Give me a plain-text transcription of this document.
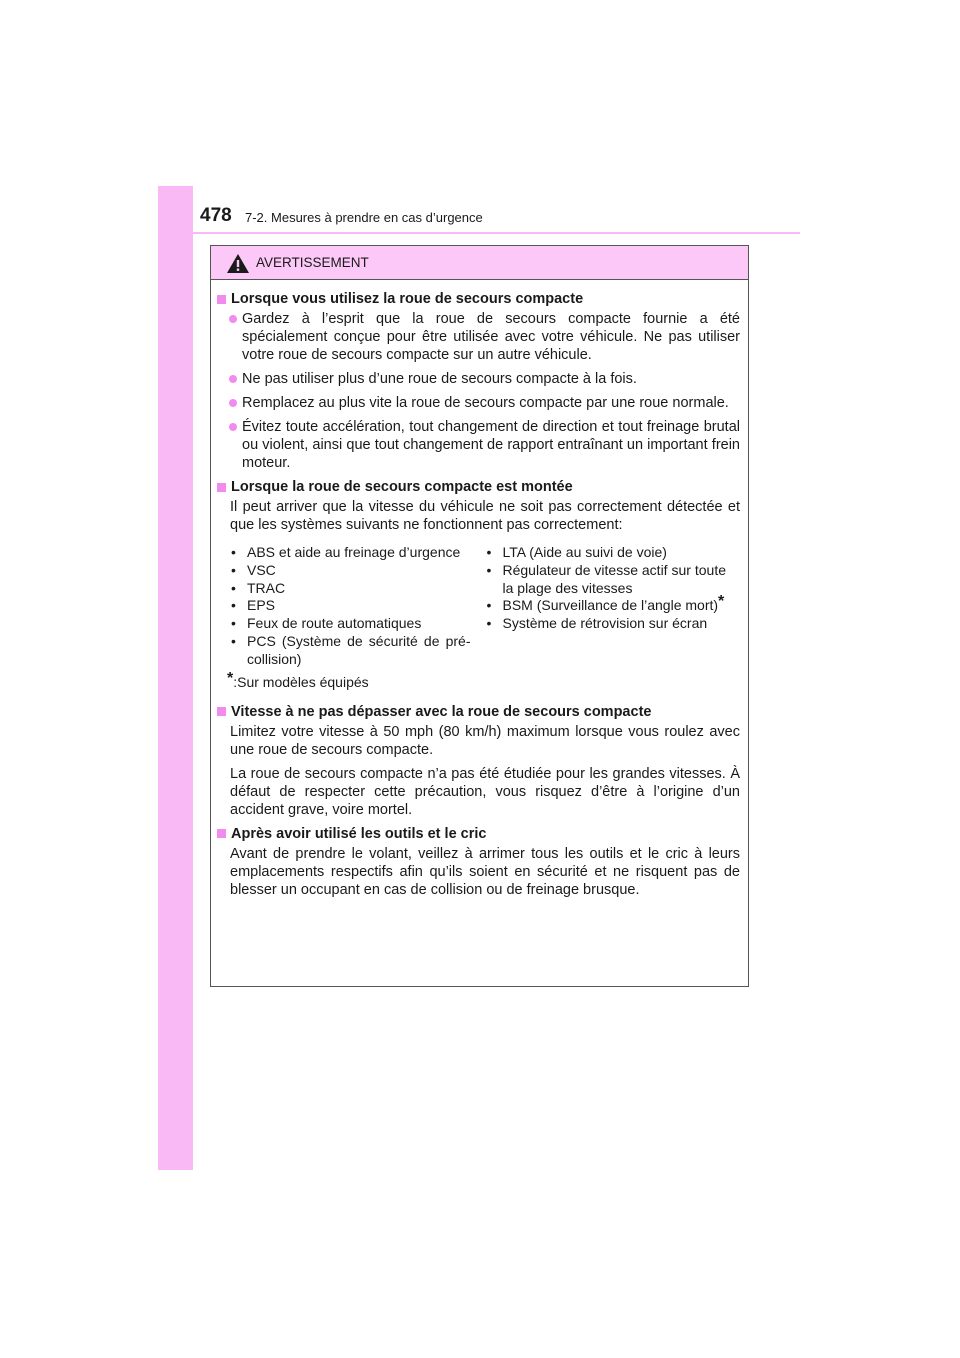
478 7-2. Mesures à prendre en cas d’urgence
AVERTISSEMENT
Lorsque vous utilisez la roue de secours compacte
Gardez à l’esprit que la roue de secours compacte fournie a été spécialement conçue pour être utilisée avec votre véhicule. Ne pas utiliser votre roue de secours compacte sur un autre véhicule.
Ne pas utiliser plus d’une roue de secours compacte à la fois.
Remplacez au plus vite la roue de secours compacte par une roue normale.
Évitez toute accélération, tout changement de direction et tout freinage brutal ou violent, ainsi que tout changement de rapport entraînant un important frein moteur.
Lorsque la roue de secours compacte est montée
Il peut arriver que la vitesse du véhicule ne soit pas correctement détectée et que les systèmes suivants ne fonctionnent pas correctement:
• ABS et aide au freinage d’urgence
• VSC
• TRAC
• EPS
• Feux de route automatiques
• PCS (Système de sécurité de pré-collision)
• LTA (Aide au suivi de voie)
• Régulateur de vitesse actif sur toute la plage des vitesses
• BSM (Surveillance de l’angle mort)*
• Système de rétrovision sur écran
*:Sur modèles équipés
Vitesse à ne pas dépasser avec la roue de secours compacte
Limitez votre vitesse à 50 mph (80 km/h) maximum lorsque vous roulez avec une roue de secours compacte.
La roue de secours compacte n’a pas été étudiée pour les grandes vitesses. À défaut de respecter cette précaution, vous risquez d’être à l’origine d’un accident grave, voire mortel.
Après avoir utilisé les outils et le cric
Avant de prendre le volant, veillez à arrimer tous les outils et le cric à leurs emplacements respectifs afin qu’ils soient en sécurité et ne risquent pas de blesser un occupant en cas de collision ou de freinage brusque.
